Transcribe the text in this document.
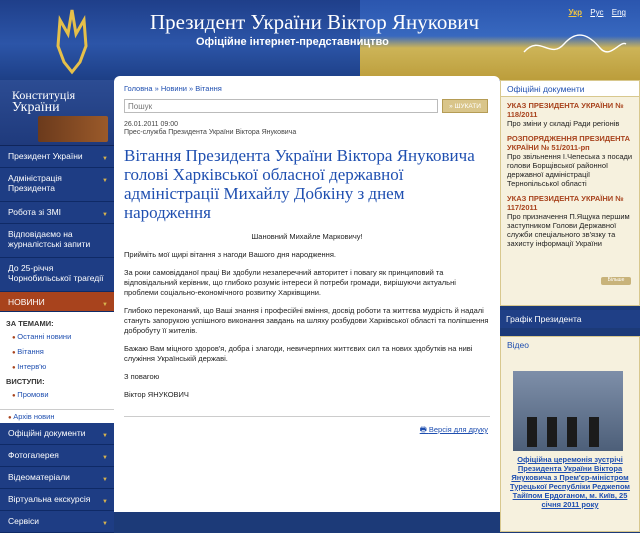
Президент України Віктор Янукович
Офіційне інтернет-представництво
Укр Рус Eng
Конституція
України
Президент України	▼
Адміністрація Президента
▼
Робота зі ЗМІ	▼
Відповідаємо на журналістські запити
До 25-річчя Чорнобильської трагедії
НОВИНИ	▼
ЗА ТЕМАМИ:
● Останні новини
● Вітання
● Інтерв'ю
ВИСТУПИ:
● Промови
● Архів новин
Офіційні документи	▼
Фотогалерея	▼
Відеоматеріали	▼
Віртуальна екскурсія ▼
Сервіси	▼
Головна » Новини » Вітання
Пошук
» ШУКАТИ
26.01.2011 09:00
Прес-служба Президента України Віктора Януковича
Вітання Президента України Віктора Януковича голові Харківської обласної державної адміністрації Михайлу Добкіну з днем народження

Шановний Михайле Марковичу!

Прийміть мої щирі вітання з нагоди Вашого дня народження.

За роки самовідданої праці Ви здобули незаперечний авторитет і повагу як принциповий та відповідальний керівник, що глибоко розуміє інтереси й потреби громади, вирішуючи актуальні проблеми соціально-економічного розвитку Харківщини.

Глибоко переконаний, що Ваші знання і професійні вміння, досвід роботи та життєва мудрість й надалі стануть запорукою успішного виконання завдань на шляху розбудови Харківської області та поліпшення добробуту її жителів.

Бажаю Вам міцного здоров'я, добра і злагоди, невичерпних життєвих сил та нових здобутків на ниві служіння Українській державі.

З повагою

Віктор ЯНУКОВИЧ

🖶 Версія для друку
Офіційні документи
УКАЗ ПРЕЗИДЕНТА УКРАЇНИ № 118/2011
Про зміни у складі Ради регіонів
РОЗПОРЯДЖЕННЯ ПРЕЗИДЕНТА УКРАЇНИ № 51/2011-рп
Про звільнення І.Чепеська з посади голови Борщівської районної державної адміністрації Тернопільської області
УКАЗ ПРЕЗИДЕНТА УКРАЇНИ № 117/2011
Про призначення П.Ящука першим заступником Голови Державної служби спеціального зв'язку та захисту інформації України
Більше
Графік Президента
Відео
Офіційна церемонія зустрічі Президента України Віктора Януковича з Прем'єр-міністром Турецької Республіки Реджепом Тайїпом Ердоганом, м. Київ, 25 січня 2011 року
